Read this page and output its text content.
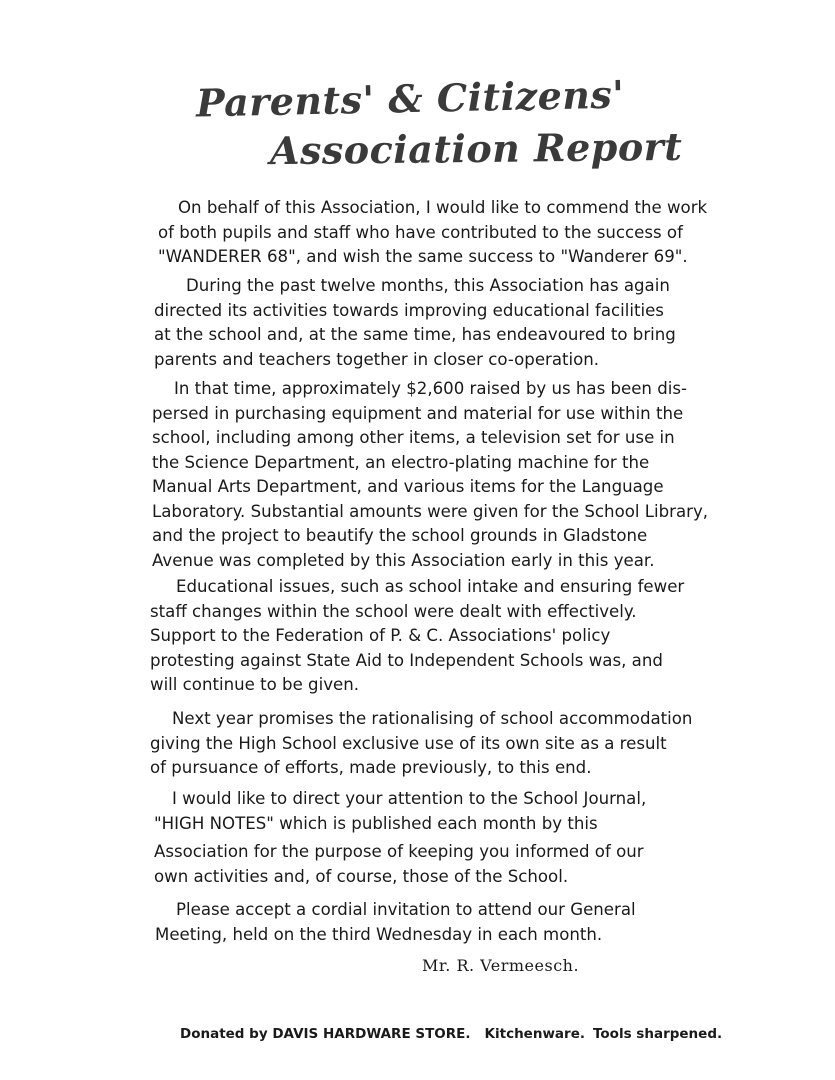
Parents' & Citizens'
Association Report
On behalf of this Association, I would like to commend the work
of both pupils and staff who have contributed to the success of
"WANDERER 68", and wish the same success to "Wanderer 69".
During the past twelve months, this Association has again
directed its activities towards improving educational facilities
at the school and, at the same time, has endeavoured to bring
parents and teachers together in closer co-operation.
In that time, approximately $2,600 raised by us has been dis-
persed in purchasing equipment and material for use within the
school, including among other items, a television set for use in
the Science Department, an electro-plating machine for the
Manual Arts Department, and various items for the Language
Laboratory. Substantial amounts were given for the School Library,
and the project to beautify the school grounds in Gladstone
Avenue was completed by this Association early in this year.
Educational issues, such as school intake and ensuring fewer
staff changes within the school were dealt with effectively.
Support to the Federation of P. & C. Associations' policy
protesting against State Aid to Independent Schools was, and
will continue to be given.
Next year promises the rationalising of school accommodation
giving the High School exclusive use of its own site as a result
of pursuance of efforts, made previously, to this end.
I would like to direct your attention to the School Journal,
"HIGH NOTES" which is published each month by this
Association for the purpose of keeping you informed of our
own activities and, of course, those of the School.
Please accept a cordial invitation to attend our General
Meeting, held on the third Wednesday in each month.
Mr. R. Vermeesch.
Donated by DAVIS HARDWARE STORE. Kitchenware. Tools sharpened.
